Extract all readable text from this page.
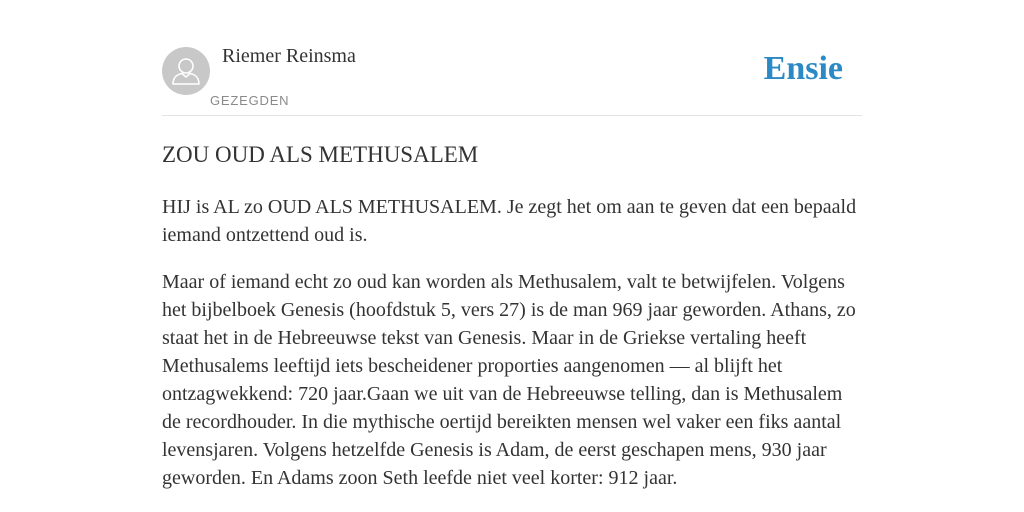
Riemer Reinsma
GEZEGDEN
Ensie
ZOU OUD ALS METHUSALEM

HIJ is AL zo OUD ALS METHUSALEM. Je zegt het om aan te geven dat een bepaald iemand ontzettend oud is.

Maar of iemand echt zo oud kan worden als Methusalem, valt te betwijfelen. Volgens het bijbelboek Genesis (hoofdstuk 5, vers 27) is de man 969 jaar geworden. Athans, zo staat het in de Hebreeuwse tekst van Genesis. Maar in de Griekse vertaling heeft Methusalems leeftijd iets bescheidener proporties aangenomen — al blijft het ontzagwekkend: 720 jaar.Gaan we uit van de Hebreeuwse telling, dan is Methusalem de recordhouder. In die mythische oertijd bereikten mensen wel vaker een fiks aantal levensjaren. Volgens hetzelfde Genesis is Adam, de eerst geschapen mens, 930 jaar geworden. En Adams zoon Seth leefde niet veel korter: 912 jaar.
